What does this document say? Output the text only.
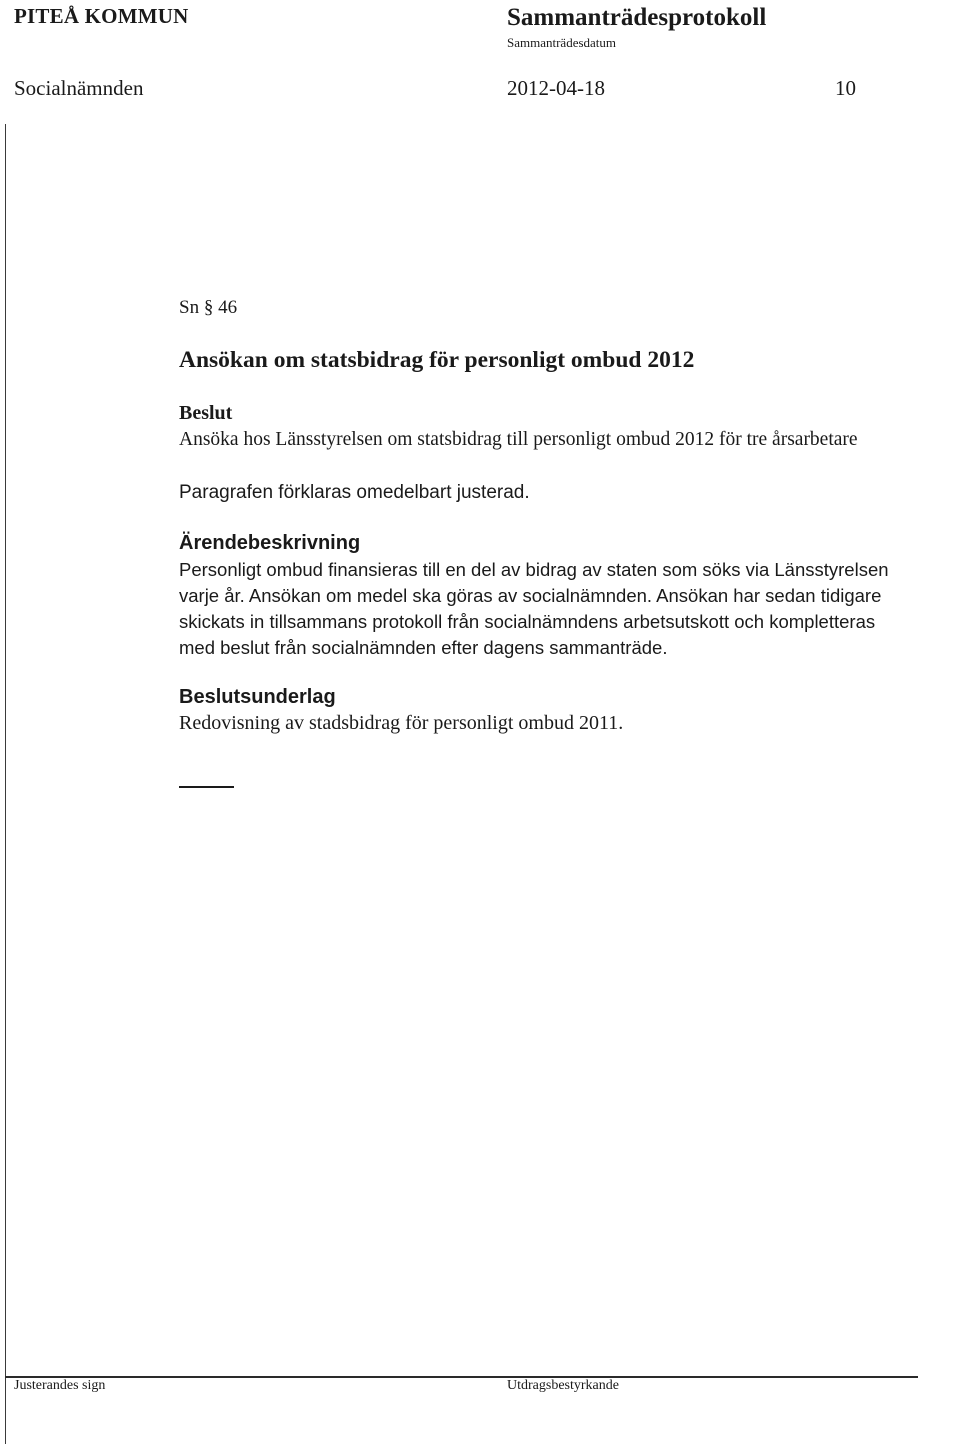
PITEÅ KOMMUN	Sammanträdesprotokoll
Sammanträdesdatum
Socialnämnden	2012-04-18	10
Sn § 46
Ansökan om statsbidrag för personligt ombud 2012
Beslut
Ansöka hos Länsstyrelsen om statsbidrag till personligt ombud 2012 för tre årsarbetare
Paragrafen förklaras omedelbart justerad.
Ärendebeskrivning
Personligt ombud finansieras till en del av bidrag av staten som söks via Länsstyrelsen
varje år. Ansökan om medel ska göras av socialnämnden. Ansökan har sedan tidigare
skickats in tillsammans protokoll från socialnämndens arbetsutskott och kompletteras
med beslut från socialnämnden efter dagens sammanträde.
Beslutsunderlag
Redovisning av stadsbidrag för personligt ombud 2011.
Justerandes sign	Utdragsbestyrkande
